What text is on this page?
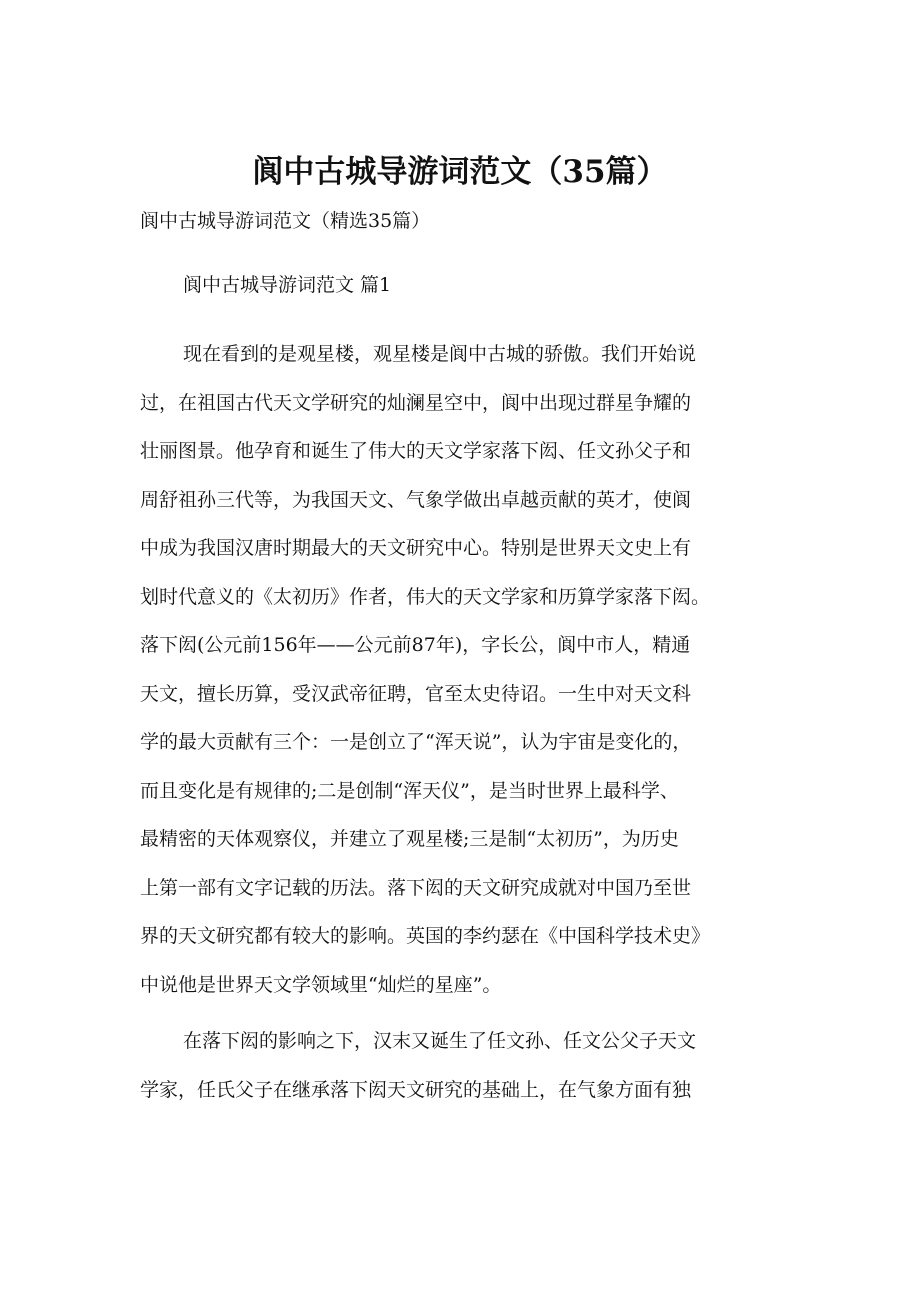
阆中古城导游词范文（35篇）
阆中古城导游词范文（精选35篇）
阆中古城导游词范文 篇1
现在看到的是观星楼，观星楼是阆中古城的骄傲。我们开始说
过，在祖国古代天文学研究的灿澜星空中，阆中出现过群星争耀的
壮丽图景。他孕育和诞生了伟大的天文学家落下闳、任文孙父子和
周舒祖孙三代等，为我国天文、气象学做出卓越贡献的英才，使阆
中成为我国汉唐时期最大的天文研究中心。特别是世界天文史上有
划时代意义的《太初历》作者，伟大的天文学家和历算学家落下闳。
落下闳(公元前156年——公元前87年)，字长公，阆中市人，精通
天文，擅长历算，受汉武帝征聘，官至太史待诏。一生中对天文科
学的最大贡献有三个：一是创立了“浑天说”，认为宇宙是变化的，
而且变化是有规律的;二是创制“浑天仪”，是当时世界上最科学、
最精密的天体观察仪，并建立了观星楼;三是制“太初历”，为历史
上第一部有文字记载的历法。落下闳的天文研究成就对中国乃至世
界的天文研究都有较大的影响。英国的李约瑟在《中国科学技术史》
中说他是世界天文学领域里“灿烂的星座”。
在落下闳的影响之下，汉末又诞生了任文孙、任文公父子天文
学家，任氏父子在继承落下闳天文研究的基础上，在气象方面有独
